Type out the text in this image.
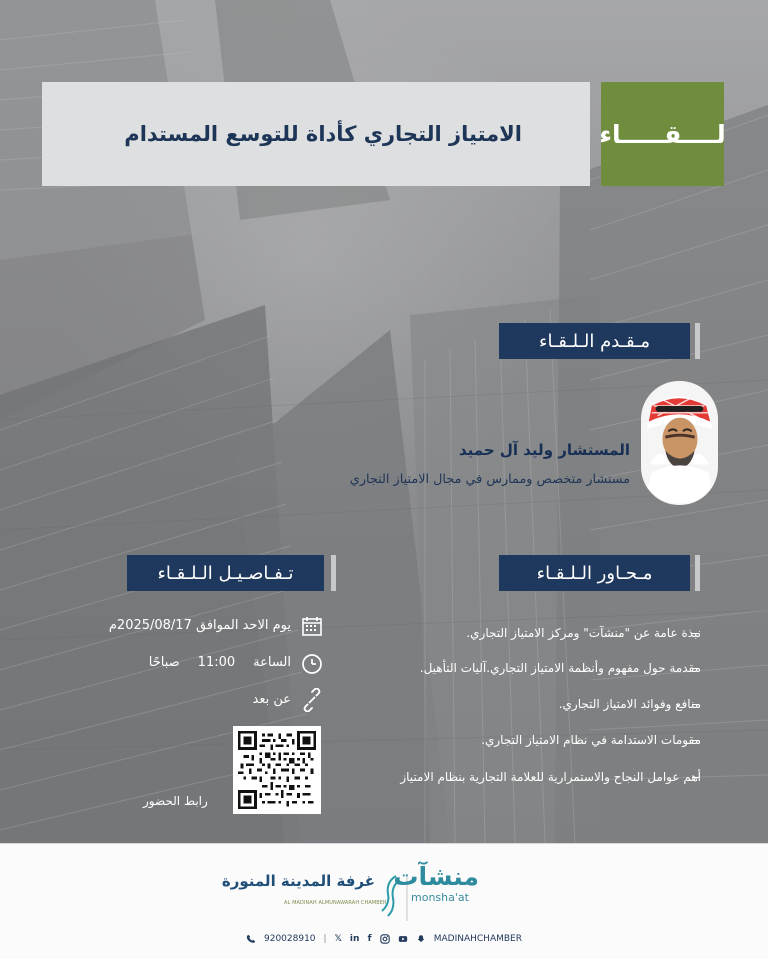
الامتياز التجاري كأداة للتوسع المستدام	لــــقـــــاء
مـقـدم الـلـقـاء
المستشار وليد آل حميد
مستشار متخصص وممارس في مجال الامتياز التجاري
مـحـاور الـلـقـاء
نبذة عامة عن "منشآت" ومركز الامتياز التجاري.
مقدمة حول مفهوم وأنظمة الامتياز التجاري.آليات التأهيل.
منافع وفوائد الامتياز التجاري.
مقومات الاستدامة في نظام الامتياز التجاري.
أهم عوامل النجاح والاستمرارية للعلامة التجارية بنظام الامتياز
تـفـاصـيـل الـلـقـاء
يوم الاحد الموافق 2025/08/17م
الساعة
11:00
صباحًا
عن بعد
رابط الحضور
منشآت
monsha'at
غرفة المدينة المنورة
AL MADINAH ALMUNAWARAH CHAMBER
920028910 | 𝕏 in f	MADINAHCHAMBER
